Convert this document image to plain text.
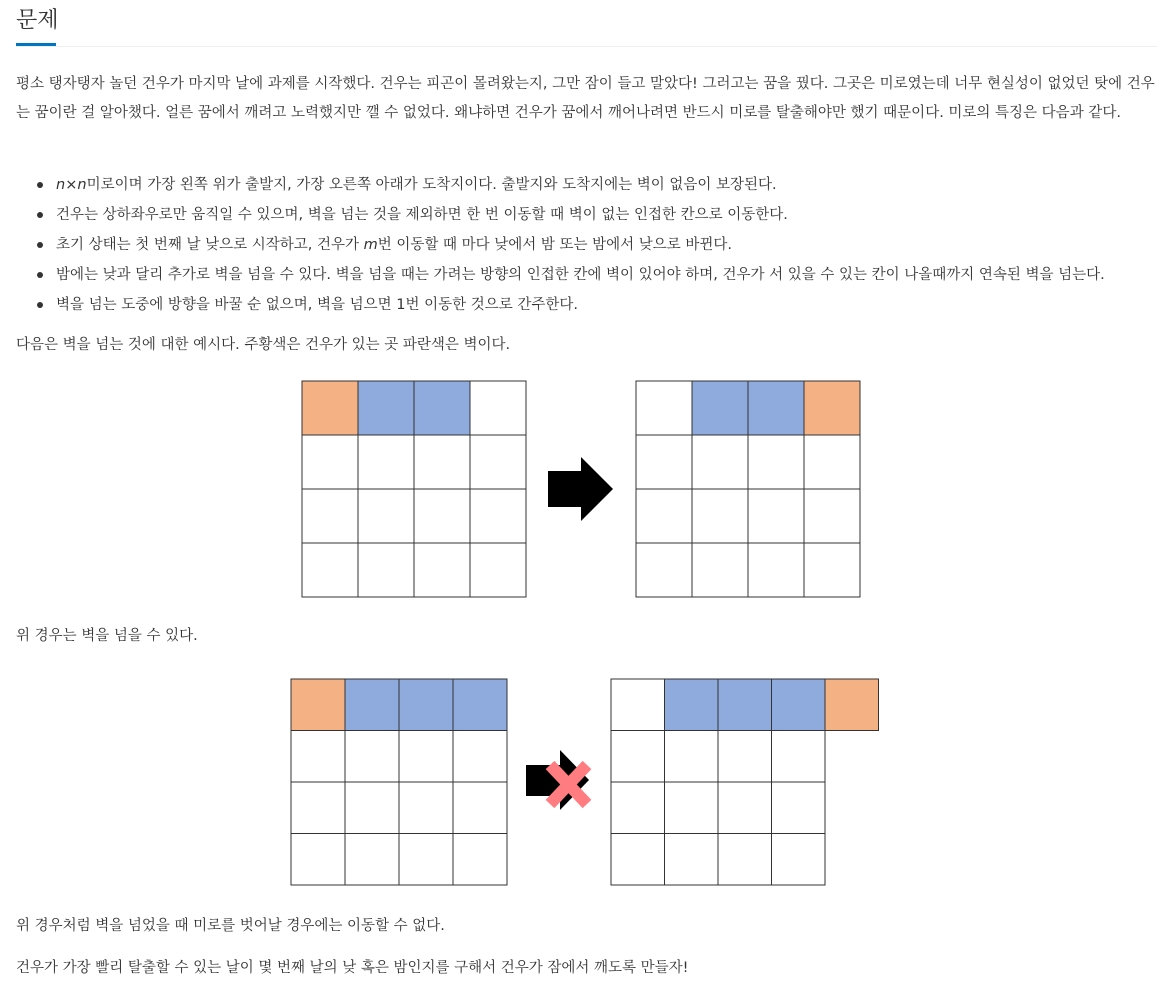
문제

평소 탱자탱자 놀던 건우가 마지막 날에 과제를 시작했다. 건우는 피곤이 몰려왔는지, 그만 잠이 들고 말았다! 그러고는 꿈을 꿨다. 그곳은 미로였는데 너무 현실성이 없었던 탓에 건우는 꿈이란 걸 알아챘다. 얼른 꿈에서 깨려고 노력했지만 깰 수 없었다. 왜냐하면 건우가 꿈에서 깨어나려면 반드시 미로를 탈출해야만 했기 때문이다. 미로의 특징은 다음과 같다.

n×n미로이며 가장 왼쪽 위가 출발지, 가장 오른쪽 아래가 도착지이다. 출발지와 도착지에는 벽이 없음이 보장된다.
건우는 상하좌우로만 움직일 수 있으며, 벽을 넘는 것을 제외하면 한 번 이동할 때 벽이 없는 인접한 칸으로 이동한다.
초기 상태는 첫 번째 날 낮으로 시작하고, 건우가 m번 이동할 때 마다 낮에서 밤 또는 밤에서 낮으로 바뀐다.
밤에는 낮과 달리 추가로 벽을 넘을 수 있다. 벽을 넘을 때는 가려는 방향의 인접한 칸에 벽이 있어야 하며, 건우가 서 있을 수 있는 칸이 나올때까지 연속된 벽을 넘는다.
벽을 넘는 도중에 방향을 바꿀 순 없으며, 벽을 넘으면 1번 이동한 것으로 간주한다.
다음은 벽을 넘는 것에 대한 예시다. 주황색은 건우가 있는 곳 파란색은 벽이다.
위 경우는 벽을 넘을 수 있다.
위 경우처럼 벽을 넘었을 때 미로를 벗어날 경우에는 이동할 수 없다.
건우가 가장 빨리 탈출할 수 있는 날이 몇 번째 날의 낮 혹은 밤인지를 구해서 건우가 잠에서 깨도록 만들자!
